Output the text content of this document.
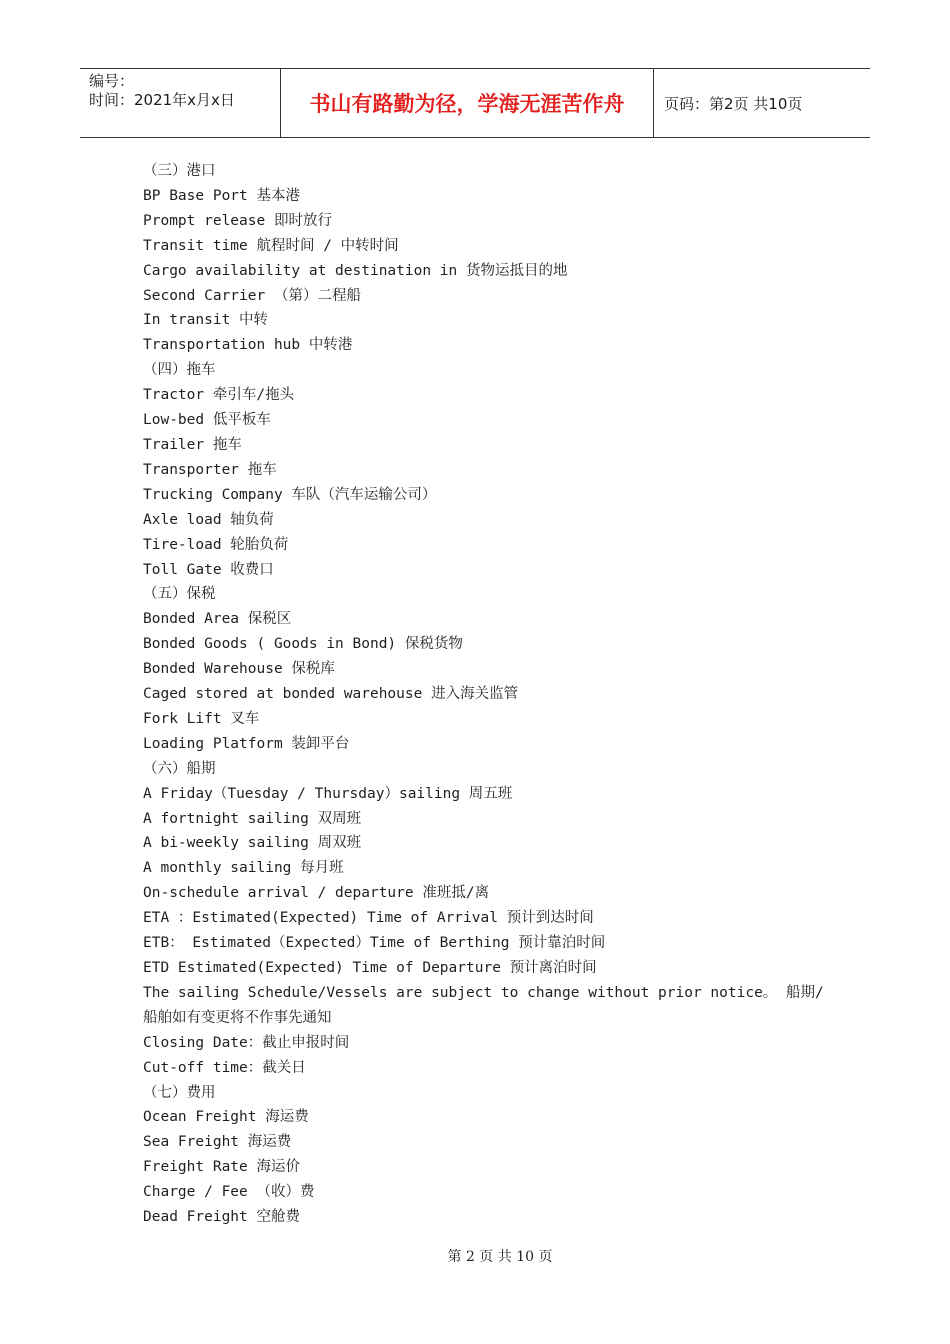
编号：
时间：2021年x月x日	书山有路勤为径，学海无涯苦作舟	页码：第2页 共10页
（三）港口
BP Base Port 基本港
Prompt release 即时放行
Transit time 航程时间 / 中转时间
Cargo availability at destination in 货物运抵目的地
Second Carrier （第）二程船
In transit 中转
Transportation hub 中转港
（四）拖车
Tractor 牵引车/拖头
Low-bed 低平板车
Trailer 拖车
Transporter 拖车
Trucking Company 车队（汽车运输公司）
Axle load 轴负荷
Tire-load 轮胎负荷
Toll Gate 收费口
（五）保税
Bonded Area 保税区
Bonded Goods ( Goods in Bond) 保税货物
Bonded Warehouse 保税库
Caged stored at bonded warehouse 进入海关监管
Fork Lift 叉车
Loading Platform 装卸平台
（六）船期
A Friday（Tuesday / Thursday）sailing 周五班
A fortnight sailing 双周班
A bi-weekly sailing 周双班
A monthly sailing 每月班
On-schedule arrival / departure 准班抵/离
ETA ：Estimated(Expected) Time of Arrival 预计到达时间
ETB： Estimated（Expected）Time of Berthing 预计靠泊时间
ETD Estimated(Expected) Time of Departure 预计离泊时间
The sailing Schedule/Vessels are subject to change without prior notice。 船期/
船舶如有变更将不作事先通知
Closing Date：截止申报时间
Cut-off time：截关日
（七）费用
Ocean Freight 海运费
Sea Freight 海运费
Freight Rate 海运价
Charge / Fee （收）费
Dead Freight 空舱费
第 2 页 共 10 页
